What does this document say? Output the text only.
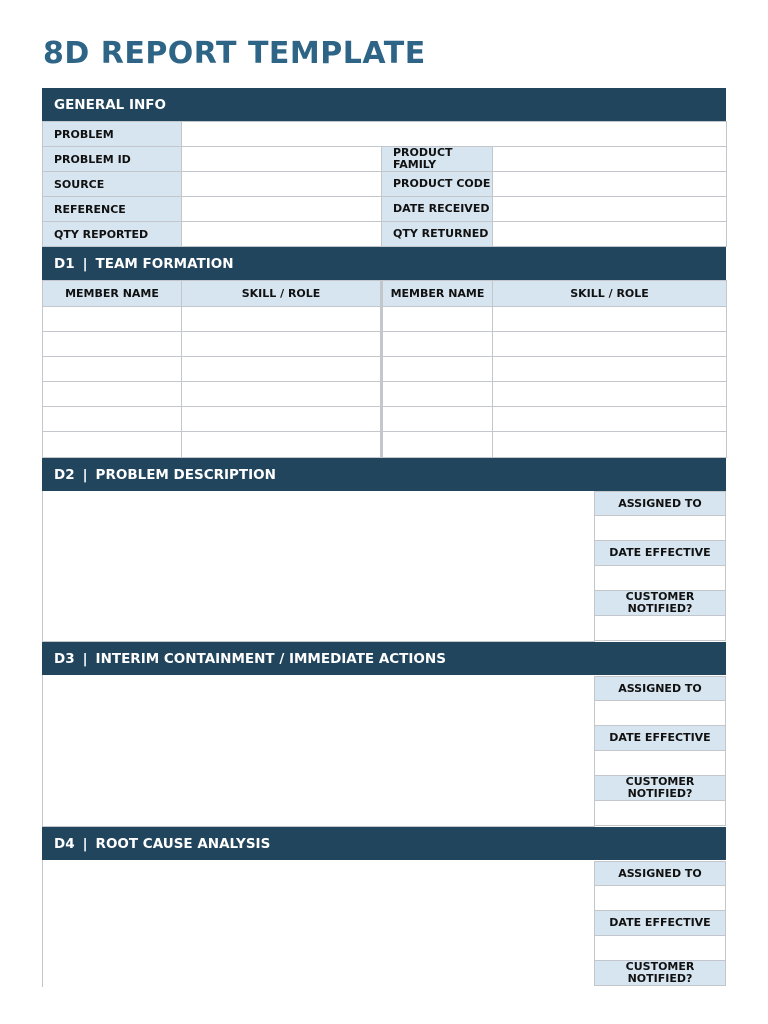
8D REPORT TEMPLATE
GENERAL INFO
PROBLEM			
PROBLEM ID		PRODUCT FAMILY	
SOURCE		PRODUCT CODE	
REFERENCE		DATE RECEIVED	
QTY REPORTED		QTY RETURNED	
D1 | TEAM FORMATION
MEMBER NAME	SKILL / ROLE	MEMBER NAME	SKILL / ROLE

D2 | PROBLEM DESCRIPTION
ASSIGNED TO
DATE EFFECTIVE
CUSTOMER NOTIFIED?
D3 | INTERIM CONTAINMENT / IMMEDIATE ACTIONS
ASSIGNED TO
DATE EFFECTIVE
CUSTOMER NOTIFIED?
D4 | ROOT CAUSE ANALYSIS
ASSIGNED TO
DATE EFFECTIVE
CUSTOMER NOTIFIED?
